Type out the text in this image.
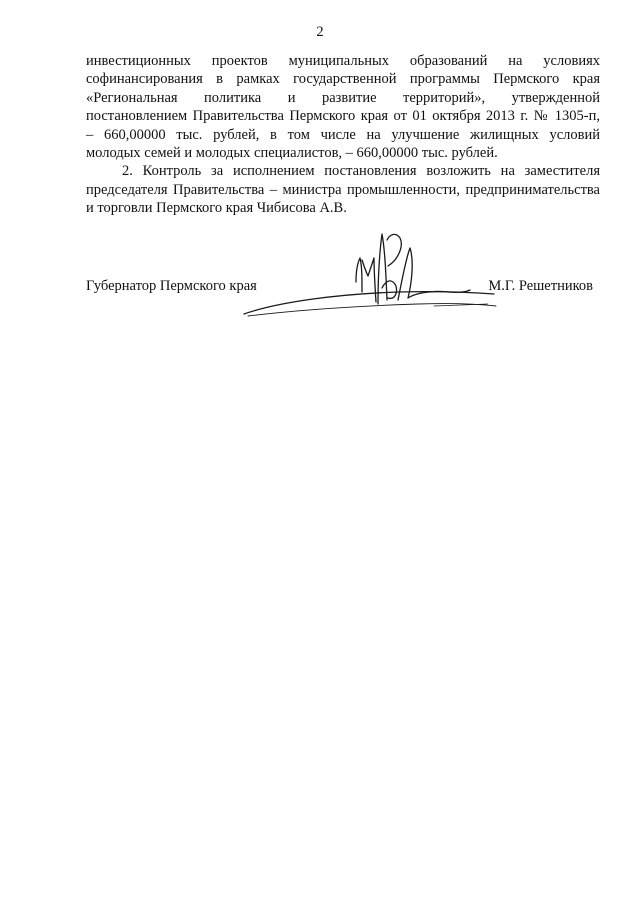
2
инвестиционных проектов муниципальных образований на условиях
софинансирования в рамках государственной программы Пермского края
«Региональная политика и развитие территорий», утвержденной
постановлением Правительства Пермского края от 01 октября 2013 г. № 1305-п,
– 660,00000 тыс. рублей, в том числе на улучшение жилищных условий
молодых семей и молодых специалистов, – 660,00000 тыс. рублей.
2. Контроль за исполнением постановления возложить на заместителя
председателя Правительства – министра промышленности, предпринимательства
и торговли Пермского края Чибисова А.В.
Губернатор Пермского края	М.Г. Решетников
